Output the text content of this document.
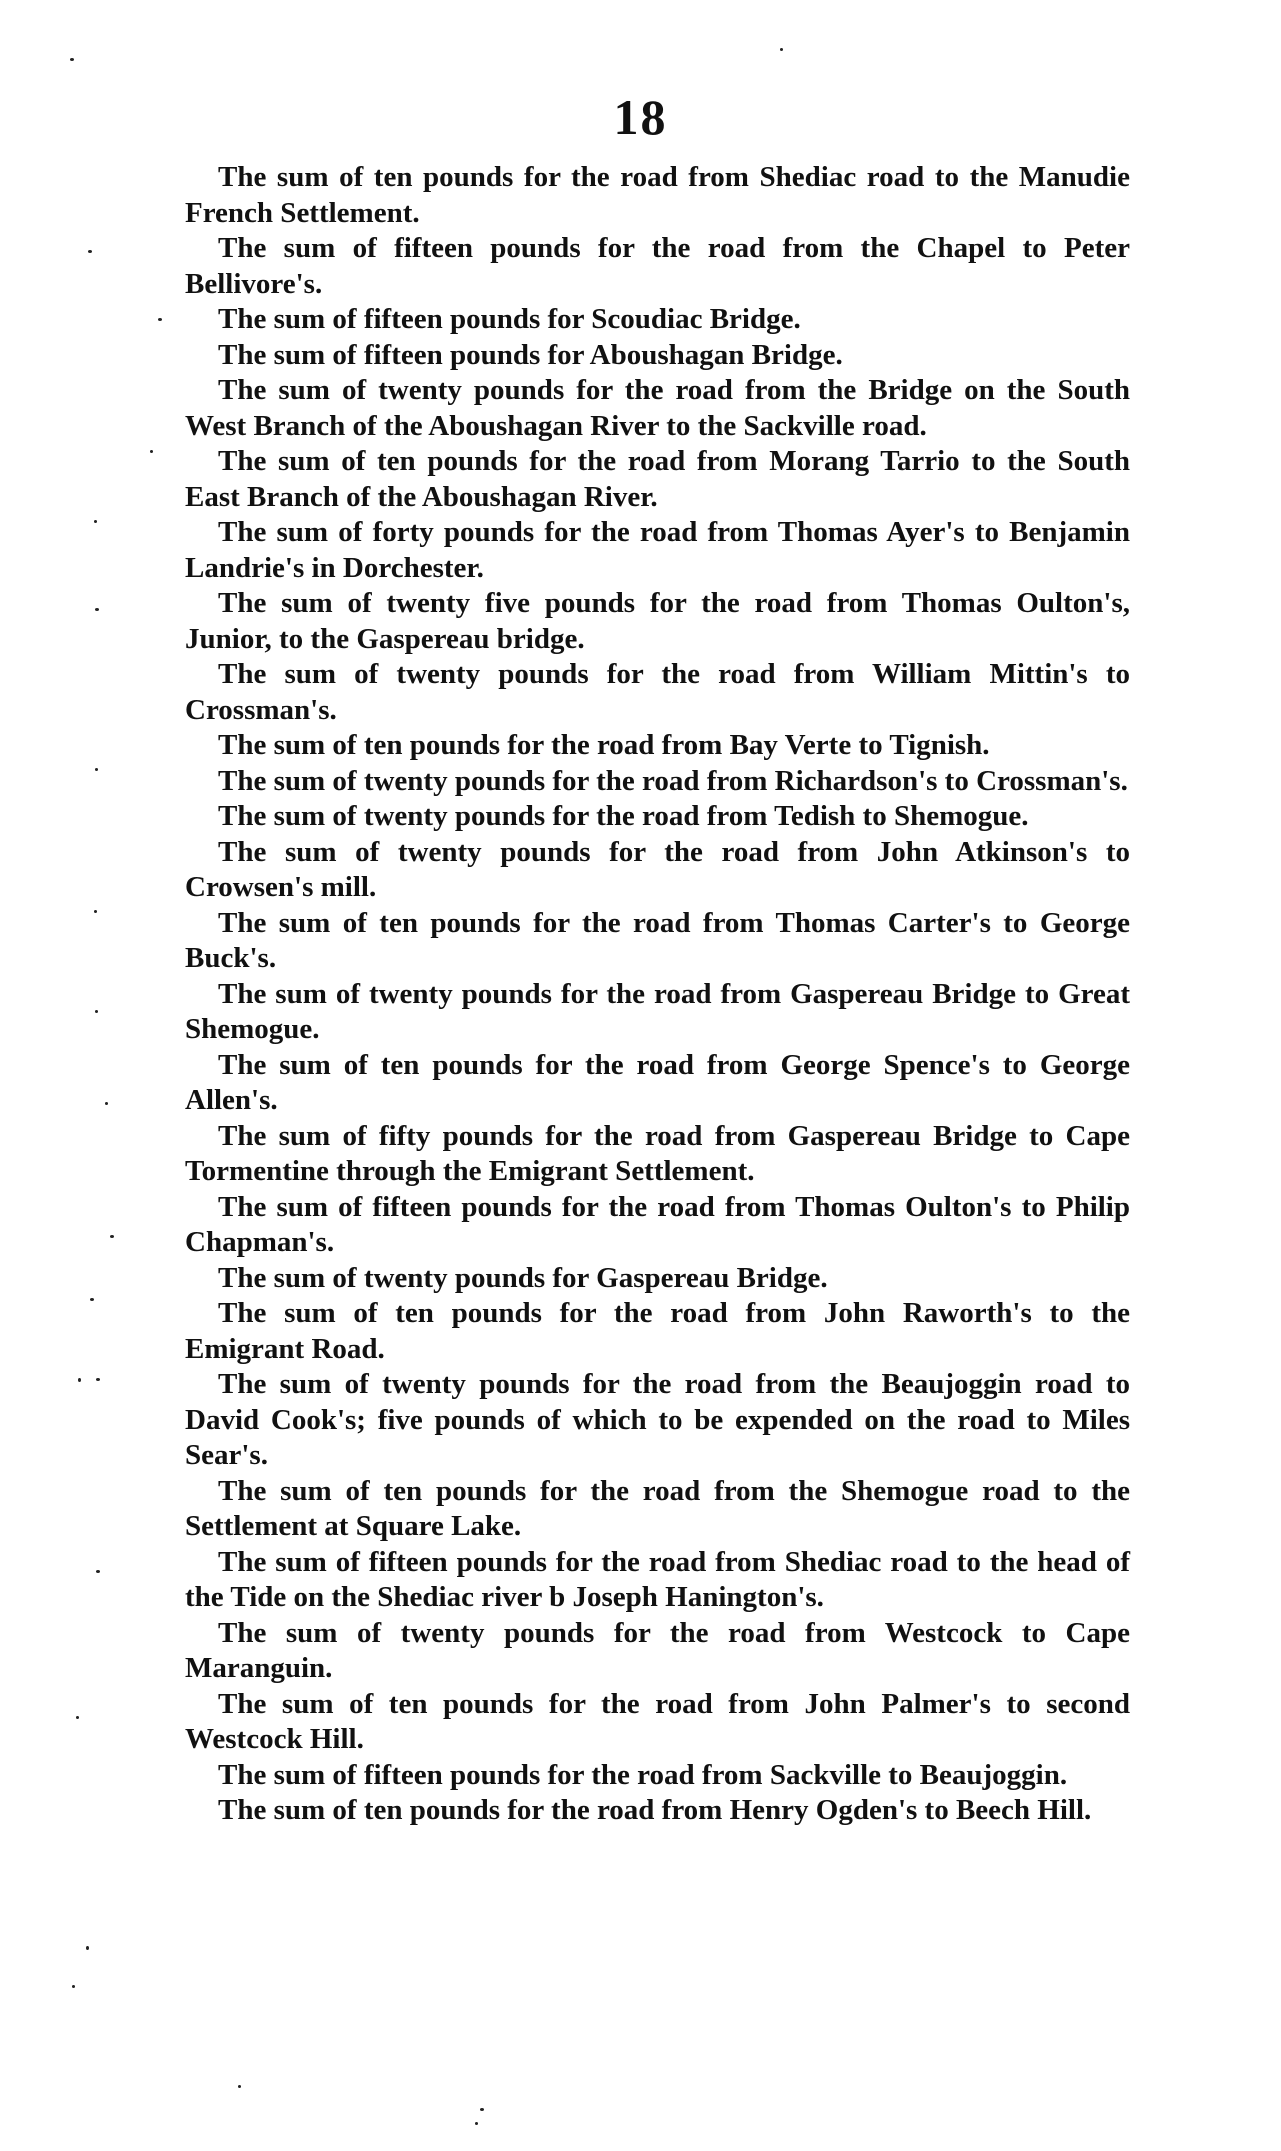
18

The sum of ten pounds for the road from Shediac road to the Manudie French Settlement.

The sum of fifteen pounds for the road from the Chapel to Peter Bellivore's.

The sum of fifteen pounds for Scoudiac Bridge.

The sum of fifteen pounds for Aboushagan Bridge.

The sum of twenty pounds for the road from the Bridge on the South West Branch of the Aboushagan River to the Sackville road.

The sum of ten pounds for the road from Morang Tarrio to the South East Branch of the Aboushagan River.

The sum of forty pounds for the road from Thomas Ayer's to Benjamin Landrie's in Dorchester.

The sum of twenty five pounds for the road from Thomas Oulton's, Junior, to the Gaspereau bridge.

The sum of twenty pounds for the road from William Mittin's to Crossman's.

The sum of ten pounds for the road from Bay Verte to Tignish.

The sum of twenty pounds for the road from Richardson's to Crossman's.

The sum of twenty pounds for the road from Tedish to Shemogue.

The sum of twenty pounds for the road from John Atkinson's to Crowsen's mill.

The sum of ten pounds for the road from Thomas Carter's to George Buck's.

The sum of twenty pounds for the road from Gaspereau Bridge to Great Shemogue.

The sum of ten pounds for the road from George Spence's to George Allen's.

The sum of fifty pounds for the road from Gaspereau Bridge to Cape Tormentine through the Emigrant Settlement.

The sum of fifteen pounds for the road from Thomas Oulton's to Philip Chapman's.

The sum of twenty pounds for Gaspereau Bridge.

The sum of ten pounds for the road from John Raworth's to the Emigrant Road.

The sum of twenty pounds for the road from the Beaujoggin road to David Cook's; five pounds of which to be expended on the road to Miles Sear's.

The sum of ten pounds for the road from the Shemogue road to the Settlement at Square Lake.

The sum of fifteen pounds for the road from Shediac road to the head of the Tide on the Shediac river b Joseph Hanington's.

The sum of twenty pounds for the road from Westcock to Cape Maranguin.

The sum of ten pounds for the road from John Palmer's to second Westcock Hill.

The sum of fifteen pounds for the road from Sackville to Beaujoggin.

The sum of ten pounds for the road from Henry Ogden's to Beech Hill.
